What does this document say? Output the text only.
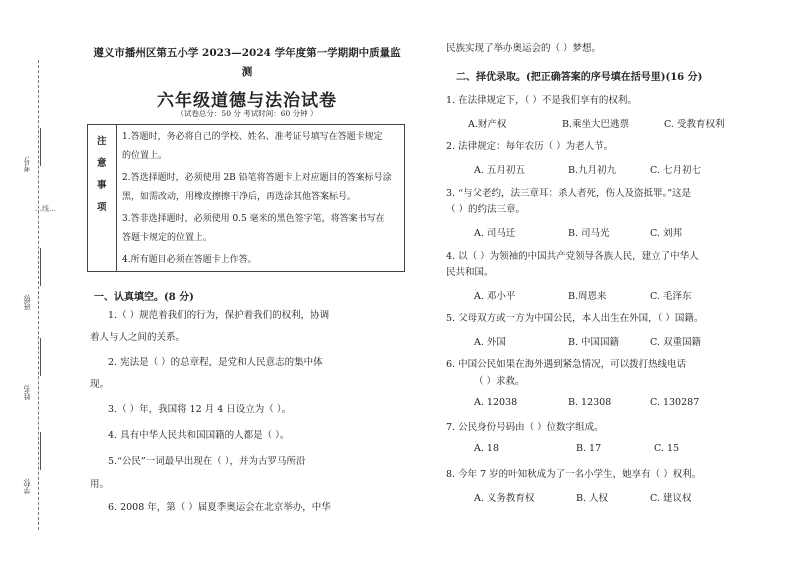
考号:
…线…
班级:
姓名:
学校:
遵义市播州区第五小学 2023—2024 学年度第一学期期中质量监
测
六年级道德与法治试卷
（试卷总分：50 分 考试时间：60 分钟 ）
注
意
事
项
1.答题时，务必将自己的学校、姓名、准考证号填写在答题卡规定
的位置上。
2.答选择题时，必须使用 2B 铅笔将答题卡上对应题目的答案标号涂
黑，如需改动，用橡皮擦擦干净后，再选涂其他答案标号。
3.答非选择题时，必须使用 0.5 毫米的黑色签字笔，将答案书写在
答题卡规定的位置上。
4.所有题目必须在答题卡上作答。
一、认真填空。(8 分)
1.（ ）规范着我们的行为，保护着我们的权利，协调
着人与人之间的关系。
2. 宪法是（ ）的总章程，是党和人民意志的集中体
现。
3.（ ）年，我国将 12 月 4 日设立为（ ）。
4. 具有中华人民共和国国籍的人都是（ ）。
5.“公民”一词最早出现在（ ），并为古罗马所沿
用。
6. 2008 年，第（ ）届夏季奥运会在北京举办，中华
民族实现了举办奥运会的（ ）梦想。
二、择优录取。(把正确答案的序号填在括号里)(16 分)
1. 在法律规定下，（ ）不是我们享有的权利。
A.财产权	B.乘坐大巴逃票	C. 受教育权利
2. 法律规定：每年农历（ ）为老人节。
A. 五月初五	B.九月初九	C. 七月初七
3. “与父老约，法三章耳：杀人者死，伤人及盗抵罪。”这是
（ ）的约法三章。
A. 司马迁	B. 司马光	C. 刘邦
4. 以（ ）为领袖的中国共产党领导各族人民，建立了中华人
民共和国。
A. 邓小平	B.周恩来	C. 毛泽东
5. 父母双方或一方为中国公民，本人出生在外国，（ ）国籍。
A. 外国	B. 中国国籍	C. 双重国籍
6. 中国公民如果在海外遇到紧急情况，可以拨打热线电话
（ ）求救。
A. 12038	B. 12308	C. 130287
7. 公民身份号码由（ ）位数字组成。
A. 18	B. 17	C. 15
8. 今年 7 岁的叶知秋成为了一名小学生，她享有（ ）权利。
A. 义务教育权	B. 人权	C. 建议权
